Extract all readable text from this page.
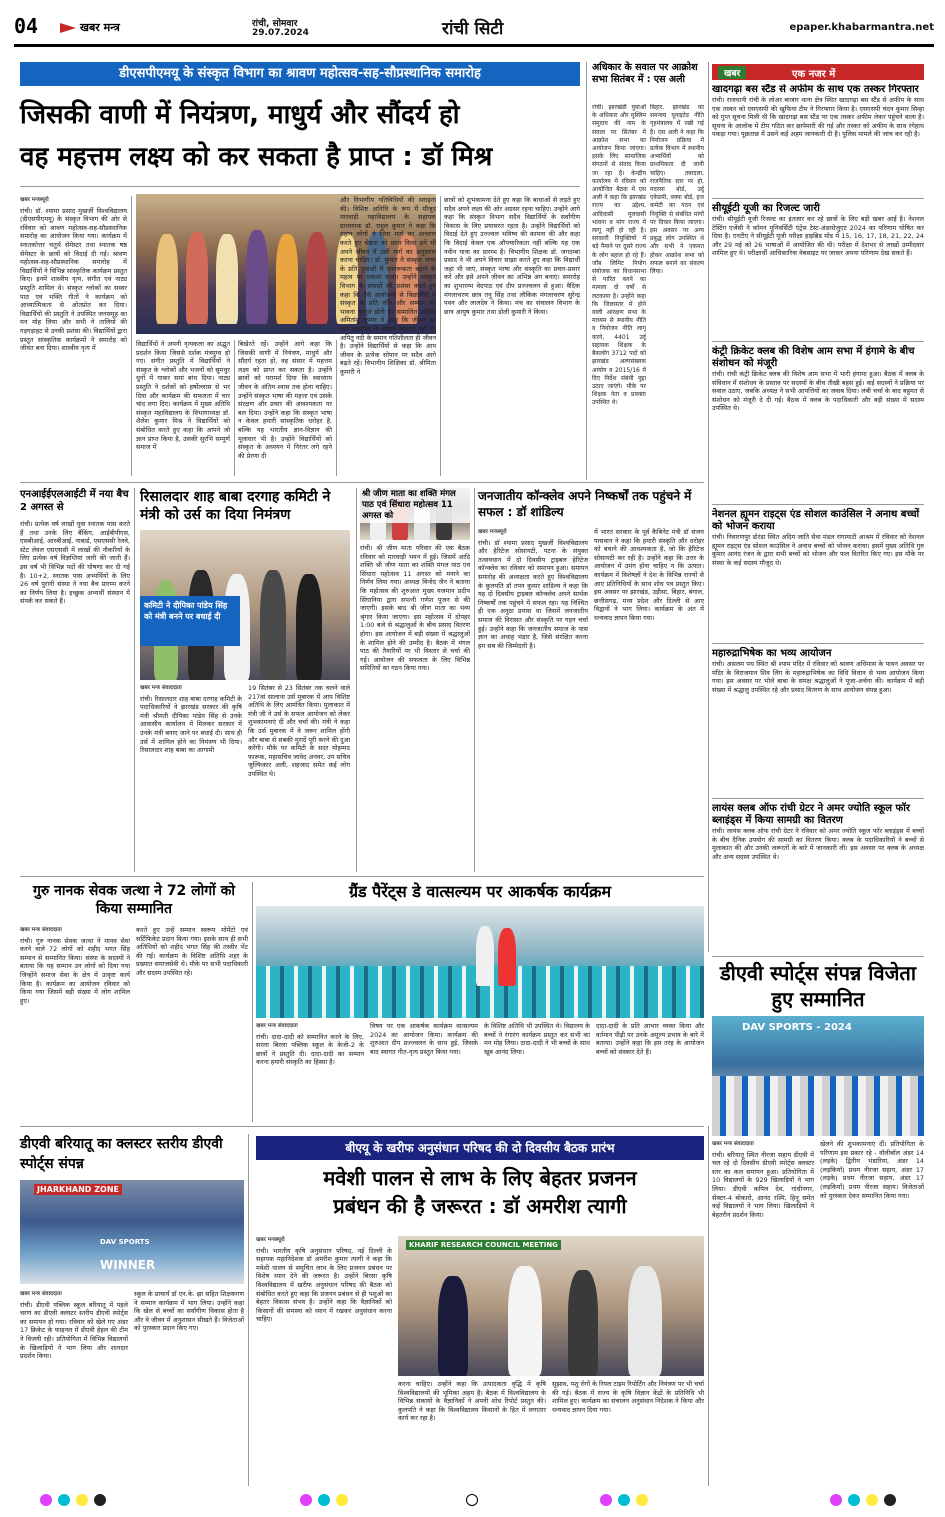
04	खबर मन्त्र	रांची, सोमवार
29.07.2024	रांची सिटी	epaper.khabarmantra.net
डीएसपीएमयू के संस्कृत विभाग का श्रावण महोत्सव-सह-सौप्रस्थानिक समारोह
जिसकी वाणी में नियंत्रण, माधुर्य और सौंदर्य हो
वह महत्तम लक्ष्य को कर सकता है प्राप्त : डॉ मिश्र
खबर मन्त्रब्यूरो
रांची। डॉ. श्यामा प्रसाद मुखर्जी विश्वविद्यालय (डीएसपीएमयू) के संस्कृत विभाग की ओर से रविवार को श्रावण महोत्सव-सह-सौप्रस्थानिक समारोह का आयोजन किया गया। कार्यक्रम में स्नातकोत्तर चतुर्थ सेमेस्टर तथा स्नातक षष्ठ सेमेस्टर के छात्रों को विदाई दी गई। श्रावण महोत्सव-सह-सौप्रस्थानिक समारोह में विद्यार्थियों ने विभिन्न सांस्कृतिक कार्यक्रम प्रस्तुत किए। इनमें शास्त्रीय नृत्य, संगीत एवं नाट्य प्रस्तुति शामिल थे। संस्कृत श्लोकों का सस्वर पाठ एवं भक्ति गीतों ने कार्यक्रम को आध्यात्मिकता से ओतप्रोत कर दिया। विद्यार्थियों की प्रस्तुति ने उपस्थित जनसमूह का मन मोह लिया और सभी ने तालियों की गड़गड़ाहट से उनकी प्रशंसा की। विद्यार्थियों द्वारा प्रस्तुत सांस्कृतिक कार्यक्रमों ने समारोह को जीवंत बना दिया। शास्त्रीय नृत्य में
विद्यार्थियों ने अपनी नृत्यकला का अद्भुत प्रदर्शन किया जिससे दर्शक मंत्रमुग्ध हो गए। संगीत प्रस्तुति में विद्यार्थियों ने संस्कृत के श्लोकों और भजनों को सुमधुर धुनों में गाकर समां बांध दिया। नाट्य प्रस्तुति ने दर्शकों को हर्षोल्लास से भर दिया और कार्यक्रम की सफलता में चार चांद लगा दिए। कार्यक्रम में मुख्य अतिथि संस्कृत महाविद्यालय के विभागाध्यक्ष डॉ. शैलेश कुमार मिश्र ने विद्यार्थियों को संबोधित करते हुए कहा कि आपने जो ज्ञान प्राप्त किया है, उसकी सुरभि सम्पूर्ण समाज में
बिखेरते रहें। उन्होंने आगे कहा कि जिसकी वाणी में नियंत्रण, माधुर्य और सौंदर्य रहता हो, वह संसार में महत्तम लक्ष्य को प्राप्त कर सकता है। उन्होंने छात्रों को परामर्श दिया कि स्वाध्याय जीवन के अंतिम श्वास तक होना चाहिए। उन्होंने संस्कृत भाषा की महत्ता एवं उसके संरक्षण और प्रचार की आवश्यकता पर बल दिया। उन्होंने कहा कि संस्कृत भाषा न केवल हमारी सांस्कृतिक धरोहर है, बल्कि यह भारतीय ज्ञान-विज्ञान की मूलाधार भी है। उन्होंने विद्यार्थियों को संस्कृत के अध्ययन में निरंतर लगे रहने की प्रेरणा दी
और विभागीय गतिविधियों की सराहना की। विशिष्ट अतिथि के रूप में मौजूद मारवाड़ी महाविद्यालय के सहायक प्राध्यापक डॉ. राहुल कुमार ने कहा कि महान लोगों ने जिस मार्ग का आचरण करते हुए श्रेष्ठता को प्राप्त किया हमें भी अपने जीवन में उसी मार्ग का अनुसरण करना चाहिए। डॉ. कुमार ने संस्कृत भाषा के प्रति युवाओं में जागरूकता बढ़ाने के महत्व पर प्रकाश डाला। उन्होंने संस्कृत विभाग के प्रयासों की प्रशंसा करते हुए कहा कि ऐसे आयोजनों से विद्यार्थियों में संस्कृत के प्रति रुचि और सम्मान की भावना जागृत होती है। सम्मानित अतिथि अमितांशु कुमार ने कहा कि जीवन का नाम तालमेल के समान विस्तार नहीं है, अपितु नदी के समान गतिशीलता ही जीवन है। उन्होंने विद्यार्थियों से कहा कि आप जीवन के प्रत्येक सोपान पर सदैव आगे बढ़ते रहें। विभागीय शिक्षिका डॉ. श्रीमिता कुमारी ने
छात्रों को शुभकामना देते हुए कहा कि बाधाओं से लड़ते हुए सदैव अपने लक्ष्य की ओर अग्रसर रहना चाहिए। उन्होंने आगे कहा कि संस्कृत विभाग सदैव विद्यार्थियों के सर्वांगीण विकास के लिए प्रयासरत रहता है। उन्होंने विद्यार्थियों को विदाई देते हुए उज्ज्वल भविष्य की कामना की और कहा कि विदाई केवल एक औपचारिकता नहीं बल्कि यह एक नवीन यात्रा का प्रारम्भ है। विभागीय शिक्षक डॉ. जगदम्बा प्रसाद ने भी अपने विचार साझा करते हुए कहा कि विद्यार्थी जहां भी जाएं, संस्कृत भाषा और संस्कृति का प्रचार-प्रसार करें और इसे अपने जीवन का अभिन्न अंग बनाएं। समारोह का शुभारम्भ वेदपाठ एवं दीप प्रज्ज्वलन से हुआ। वैदिक मंगलाचरण छात्र तनु सिंह तथा लौकिक मंगलाचरण सुरेन्द्र पवन और लालदेव ने किया। मंच का संचालन विभाग के छात्र आयुष कुमार तथा डोली कुमारी ने किया।
अधिकार के सवाल पर आक्रोश सभा सितंबर में : एस अली
रांची। झारखंडी युवाओं के अधिकार और मुस्लिम समुदाय की नाम के सवाल पर सितंबर में आक्रोश सभा का आयोजन किया जाएगा। इसके लिए सामाजिक संगठनों से संवाद किया जा रहा है। केन्द्रीय कार्यालय में रविवार को आयोजित बैठक में एस अली ने कहा कि झारखंड राज्य का उद्देश्य, आदिवासी मूलवासी भावना व मांग राज्य में लागू नहीं हो रही है। सरकारी नियुक्तियों में बड़े पैमाने पर दूसरे राज्य के लोग बहाल हो रहे हैं। जॉब लिमिट नियोग संयोजक का विधानसभा से पारित करने का मामला दो वर्षों से लटकाया है। उन्होंने कहा कि जिलास्तर में होने वाली आरक्षण सभा के माध्यम से स्थानीय नीति व नियोजन नीति लागू करने, 4401 उर्दू सहायक शिक्षक के बैकलॉग 3712 पदों को झारखंड अल्पसंख्यक आयोग व 2015/16 में दिए निर्देश संबंधी मुद्दा उठाए जाएंगे। मौके पर शिक्षक नेता व प्रवक्ता उपस्थित थे।
बिहार, झारखंड का समन्वय यूनाइटेड नीति गृहमंत्रालय में रखी गई है। एस अली ने कहा कि नियोजन प्रक्रिया में प्रत्येक विभाग में स्थानीय अभ्यर्थियों को प्राथमिकता दी जानी चाहिए। तबादला, राजनैतिक स्तर पर हो, मदरसा बोर्ड, उर्दू एकेडमी, वक्फ बोर्ड, हज कमेटी का गठन एवं नियुक्ति से संबंधित मांगों पर विचार किया जाएगा। इस अवसर पर अन्य प्रबुद्ध लोग उपस्थित थे और सभी ने एकमत होकर आक्रोश सभा को सफल बनाने का संकल्प लिया।
खबर	एक नजर में
खादगढ़ा बस स्टैंड से अफीम के साथ एक तस्कर गिरफ्तार
रांची। राजधानी रांची के लोअर बाजार थाना क्षेत्र स्थित खादगढ़ा बस स्टैंड से अफीम के साथ एक तस्कर को एसएसपी की खुफिया टीम ने गिरफ्तार किया है। एसएसपी चंदन कुमार सिन्हा को गुप्त सूचना मिली थी कि खादगढ़ा बस स्टैंड पर एक तस्कर अफीम लेकर पहुंचने वाला है। सूचना के आलोक में टीम गठित कर छापेमारी की गई और तस्कर को अफीम के साथ रंगेहाथ पकड़ा गया। पूछताछ में उसने कई अहम जानकारी दी है। पुलिस मामले की जांच कर रही है।
सीयूईटी यूजी का रिजल्ट जारी
रांची। सीयूईटी यूजी रिजल्ट का इंतजार कर रहे छात्रों के लिए बड़ी खबर आई है। नेशनल टेस्टिंग एजेंसी ने कॉमन यूनिवर्सिटी एंट्रेंस टेस्ट-अंडरग्रेजुएट 2024 का परिणाम घोषित कर दिया है। एनटीए ने सीयूईटी यूजी परीक्षा हाइब्रिड मोड में 15, 16, 17, 18, 21, 22, 24 और 29 मई को 26 भाषाओं में आयोजित की थी। परीक्षा में देशभर से लाखों उम्मीदवार शामिल हुए थे। परीक्षार्थी आधिकारिक वेबसाइट पर जाकर अपना परिणाम देख सकते हैं।
कंट्री क्रिकेट क्लब की विशेष आम सभा में हंगामे के बीच संशोधन को मंजूरी
रांची। रांची कंट्री क्रिकेट क्लब की विशेष आम सभा में भारी हंगामा हुआ। बैठक में क्लब के संविधान में संशोधन के प्रस्ताव पर सदस्यों के बीच तीखी बहस हुई। कई सदस्यों ने प्रक्रिया पर सवाल उठाए, जबकि अध्यक्ष ने सभी आपत्तियों का जवाब दिया। लंबी चर्चा के बाद बहुमत से संशोधन को मंजूरी दे दी गई। बैठक में क्लब के पदाधिकारी और बड़ी संख्या में सदस्य उपस्थित थे।
नेशनल ह्यूमन राइट्स एंड सोशल काउंसिल ने अनाथ बच्चों को भोजन कराया
रांची। निवारणपुर डोरंडा स्थित अदिम जाति सेवा मंडल रांगामाटी आश्रम में रविवार को नेशनल ह्यूमन राइट्स एंड सोशल काउंसिल ने अनाथ बच्चों को भोजन कराया। इसमें मुख्य अतिथि गुरु कुमार आनंद रंजन के द्वारा सभी बच्चों को भोजन और फल वितरित किए गए। इस मौके पर संस्था के कई सदस्य मौजूद थे।
महारुद्राभिषेक का भव्य आयोजन
रांची। असलम पथ स्थित श्री श्याम मंदिर में रविवार को श्रावण अधिमास के पावन अवसर पर मंदिर के विराजमान शिव लिंग के महारुद्राभिषेक का विधि विधान से भव्य आयोजन किया गया। इस अवसर पर भोले बाबा के समक्ष श्रद्धालुओं ने पूजा-अर्चना की। कार्यक्रम में बड़ी संख्या में श्रद्धालु उपस्थित रहे और प्रसाद वितरण के साथ आयोजन संपन्न हुआ।
लायंस क्लब ऑफ रांची ग्रेटर ने अमर ज्योति स्कूल फॉर ब्लाइंड्स में किया सामग्री का वितरण
रांची। लायंस क्लब ऑफ रांची ग्रेटर ने रविवार को अमर ज्योति स्कूल फॉर ब्लाइंड्स में बच्चों के बीच दैनिक उपयोग की सामग्री का वितरण किया। क्लब के पदाधिकारियों ने बच्चों से मुलाकात की और उनकी जरूरतों के बारे में जानकारी ली। इस अवसर पर क्लब के अध्यक्ष और अन्य सदस्य उपस्थित थे।
एनआईईएलआईटी में नया बैच 2 अगस्त से
रांची। प्रत्येक वर्ष लाखों युवा स्नातक पास करते हैं तथा उनके लिए बैंकिंग, आईबीपीएस, एसबीआई, आरबीआई, नाबार्ड, एसएससी रेलवे, स्टेट लेवल एसएससी में लाखों की नौकरियों के लिए प्रत्येक वर्ष विज्ञप्तियां जारी की जाती हैं। इस वर्ष भी विभिन्न पदों की घोषणा कर दी गई है। 10+2, स्नातक पास अभ्यर्थियों के लिए 26 वर्ष पुरानी संस्था ने नया बैच प्रारम्भ करने का निर्णय लिया है। इच्छुक अभ्यर्थी संस्थान में संपर्क कर सकते हैं।
रिसालदार शाह बाबा दरगाह कमिटी ने मंत्री को उर्स का दिया निमंत्रण
कमिटी ने दीपिका पांडेय सिंह को मंत्री बनने पर बधाई दी
खबर मन्त्र संवाददाता
रांची। रिसालदार शाह बाबा दरगाह कमिटी के पदाधिकारियों ने झारखंड सरकार की कृषि मंत्री श्रीमती दीपिका पांडेय सिंह से उनके आवासीय कार्यालय में मिलकर सरकार में उनके मंत्री बनाए जाने पर बधाई दी। साथ ही उर्स में शामिल होने का निमंत्रण भी दिया। रिसालदार शाह बाबा का आगामी
19 सितंबर से 23 सितंबर तक चलने वाले 217वां सालाना उर्स मुबारक में आप विशिष्ट अतिथि के लिए आमंत्रित किया। मुलाकात में मंत्री जी ने उर्स के सफल आयोजन को लेकर शुभकामनाएं दीं और चर्चा की। मंत्री ने कहा कि उर्स मुबारक में वे जरूर शामिल होंगी और बाबा से सबकी मुरादें पूरी करने की दुआ करेंगी। मौके पर कमिटी के सदर मोहम्मद फारूक, महासचिव जावेद अनवर, उप सचिव जुल्फिकार अली, शहजाद समेत कई लोग उपस्थित थे।
श्री जीण माता का शक्ति मंगल पाठ एवं सिंधारा महोत्सव 11 अगस्त को
रांची। श्री जीण माता परिवार की एक बैठक रविवार को मारवाड़ी भवन में हुई। जिसमें आदि शक्ति श्री जीण माता का शक्ति मंगल पाठ एवं सिंधारा महोत्सव 11 अगस्त को मनाने का निर्णय लिया गया। अध्यक्ष विनोद जैन ने बताया कि महोत्सव की शुरुआत मुख्य यजमान प्रदीप सिंघानिया द्वारा सपत्नी गणेश पूजन से की जाएगी। इसके बाद श्री जीण माता का भव्य श्रृंगार किया जाएगा। इस महोत्सव में दोपहर 1:00 बजे से श्रद्धालुओं के बीच प्रसाद वितरण होगा। इस आयोजन में बड़ी संख्या में श्रद्धालुओं के शामिल होने की उम्मीद है। बैठक में मंगल पाठ की तैयारियों पर भी विस्तार से चर्चा की गई। आयोजन की सफलता के लिए विभिन्न समितियों का गठन किया गया।
जनजातीय कॉन्क्लेव अपने निष्कर्षों तक पहुंचने में सफल : डॉ शांडिल्य
खबर मन्त्रब्यूरो
रांची। डॉ श्यामा प्रसाद मुखर्जी विश्वविद्यालय और हेरिटेज सोसायटी, पटना के संयुक्त तत्वावधान में दो दिवसीय ट्राइबल हेरिटेज कॉन्क्लेव का रविवार को समापन हुआ। समापन समारोह की अध्यक्षता करते हुए विश्वविद्यालय के कुलपति डॉ तपन कुमार शांडिल्य ने कहा कि यह दो दिवसीय ट्राइबल कॉन्क्लेव अपने सार्थक निष्कर्षों तक पहुंचने में सफल रहा। यह निश्चित ही एक अनूठा प्रयास था जिसमें जनजातीय समाज की विरासत और संस्कृति पर गहन चर्चा हुई। उन्होंने कहा कि जनजातीय समाज के पास ज्ञान का अथाह भंडार है, जिसे संरक्षित करना हम सब की जिम्मेदारी है।
में भारत सरकार के पूर्व कैबिनेट मंत्री डॉ संजय पासवान ने कहा कि हमारी संस्कृति और धरोहर को बचाने की आवश्यकता है, जो कि हेरिटेज सोसायटी कर रही है। उन्होंने कहा कि उत्तर के आयोजन में उमंग होना चाहिए न कि उत्पात। कार्यक्रम में विशेषज्ञों ने देश के विभिन्न राज्यों से आए प्रतिनिधियों के साथ शोध पत्र प्रस्तुत किए। इस अवसर पर झारखंड, उड़ीसा, बिहार, बंगाल, छत्तीसगढ़, मध्य प्रदेश और दिल्ली से आए विद्वानों ने भाग लिया। कार्यक्रम के अंत में धन्यवाद ज्ञापन किया गया।
गुरु नानक सेवक जत्था ने 72 लोगों को किया सम्मानित
खबर मन्त्र संवाददाता
रांची। गुरु नानक सेवक जत्था ने मानव सेवा करने वाले 72 लोगों को शहीद भगत सिंह सम्मान से सम्मानित किया। संस्था के सदस्यों ने बताया कि यह सम्मान उन लोगों को दिया गया जिन्होंने समाज सेवा के क्षेत्र में उत्कृष्ट कार्य किया है। कार्यक्रम का आयोजन रविवार को किया गया जिसमें बड़ी संख्या में लोग शामिल हुए।
करते हुए उन्हें सम्मान स्वरूप मोमेंटो एवं सर्टिफिकेट प्रदान किया गया। इसके साथ ही सभी अतिथियों को शहीद भगत सिंह की तस्वीर भेंट की गई। कार्यक्रम के विशिष्ट अतिथि शहर के प्रख्यात समाजसेवी थे। मौके पर सभी पदाधिकारी और सदस्य उपस्थित रहे।
ग्रैंड पैरेंट्स डे वात्सल्यम पर आकर्षक कार्यक्रम
खबर मन्त्र संवाददाता
रांची। दादा-दादी को सम्मानित करने के लिए, सरला बिरला पब्लिक स्कूल के केजी-2 के छात्रों ने प्रस्तुति दी। दादा-दादी का सम्मान करना हमारी संस्कृति का हिस्सा है।
विषय पर एक आकर्षक कार्यक्रम वात्सल्यम 2024 का आयोजन किया। कार्यक्रम की शुरुआत दीप प्रज्ज्वलन के साथ हुई, जिसके बाद स्वागत गीत-नृत्य प्रस्तुत किया गया।
के विशिष्ट अतिथि भी उपस्थित थे। विद्यालय के बच्चों ने रंगारंग कार्यक्रम प्रस्तुत कर सभी का मन मोह लिया। दादा-दादी ने भी बच्चों के साथ खूब आनंद लिया।
दादा-दादी के प्रति आभार व्यक्त किया और वर्तमान पीढ़ी पर उनके अमूल्य प्रभाव के बारे में बताया। उन्होंने कहा कि इस तरह के आयोजन बच्चों को संस्कार देते हैं।
डीएवी स्पोर्ट्स संपन्न विजेता हुए सम्मानित
DAV SPORTS - 2024
डीएवी बरियातू का क्लस्टर स्तरीय डीएवी स्पोर्ट्स संपन्न
JHARKHAND ZONE
DAV SPORTS
WINNER
खबर मन्त्र संवाददाता
रांची। डीएवी पब्लिक स्कूल बरियातू में पहले चरण का डीएवी क्लस्टर स्तरीय डीएवी स्पोर्ट्स का समापन हो गया। रविवार को खेले गए अंडर 17 क्रिकेट के फाइनल में डीएवी हेहल की टीम ने विजयी रही। प्रतियोगिता में विभिन्न विद्यालयों के खिलाड़ियों ने भाग लिया और शानदार प्रदर्शन किया।
स्कूल के प्राचार्य डॉ एन.के. झा सहित शिक्षकगण ने सम्मान कार्यक्रम में भाग लिया। उन्होंने कहा कि खेल से बच्चों का सर्वांगीण विकास होता है और वे जीवन में अनुशासन सीखते हैं। विजेताओं को पुरस्कार प्रदान किए गए।
बीएयू के खरीफ अनुसंधान परिषद की दो दिवसीय बैठक प्रारंभ
मवेशी पालन से लाभ के लिए बेहतर प्रजनन
प्रबंधन की है जरूरत : डॉ अमरीश त्यागी
खबर मन्त्रब्यूरो
रांची। भारतीय कृषि अनुसंधान परिषद, नई दिल्ली के सहायक महानिदेशक डॉ अमरीश कुमार त्यागी ने कहा कि मवेशी पालन से समुचित लाभ के लिए प्रजनन प्रबंधन पर विशेष ध्यान देने की जरूरत है। उन्होंने बिरसा कृषि विश्वविद्यालय में खरीफ अनुसंधान परिषद की बैठक को संबोधित करते हुए कहा कि प्रजनन प्रबंधन से ही पशुओं का बेहतर विकास संभव है। उन्होंने कहा कि वैज्ञानिकों को किसानों की समस्या को ध्यान में रखकर अनुसंधान करना चाहिए।
KHARIF RESEARCH COUNCIL MEETING
करना चाहिए। उन्होंने कहा कि उत्पादकता वृद्धि में कृषि विश्वविद्यालयों की भूमिका अहम है। बैठक में विश्वविद्यालय के विभिन्न संकायों के वैज्ञानिकों ने अपनी शोध रिपोर्ट प्रस्तुत की। कुलपति ने कहा कि विश्वविद्यालय किसानों के हित में लगातार कार्य कर रहा है।
सुझाव, पशु रोगों के रियल टाइम रिपोर्टिंग और नियंत्रण पर भी चर्चा की गई। बैठक में राज्य के कृषि विज्ञान केंद्रों के प्रतिनिधि भी शामिल हुए। कार्यक्रम का संचालन अनुसंधान निदेशक ने किया और धन्यवाद ज्ञापन दिया गया।
खबर मन्त्र संवाददाता
रांची। बरियातू स्थित नीरजा सहाय डीएवी में चल रहे दो दिवसीय डीएवी स्पोर्ट्स क्लस्टर स्तर का कल समापन हुआ। प्रतियोगिता में 10 विद्यालयों के 929 खिलाड़ियों ने भाग लिया। डीएवी कपिल देव, गांधीनगर, सेक्टर-4 बोकारो, आनंद रश्मि, हिनू समेत कई विद्यालयों ने भाग लिया। खिलाड़ियों ने बेहतरीन प्रदर्शन किया।
खेलने की शुभकामनाएं दीं। प्रतियोगिता के परिणाम इस प्रकार रहे - वॉलीबॉल अंडर 14 (लड़के) द्वितीय भंडारिया, अंडर 14 (लड़कियाँ) प्रथम नीरजा सहाय, अंडर 17 (लड़के) प्रथम नीरजा सहाय, अंडर 17 (लड़कियाँ) प्रथम नीरजा सहाय। विजेताओं को पुरस्कार देकर सम्मानित किया गया।
